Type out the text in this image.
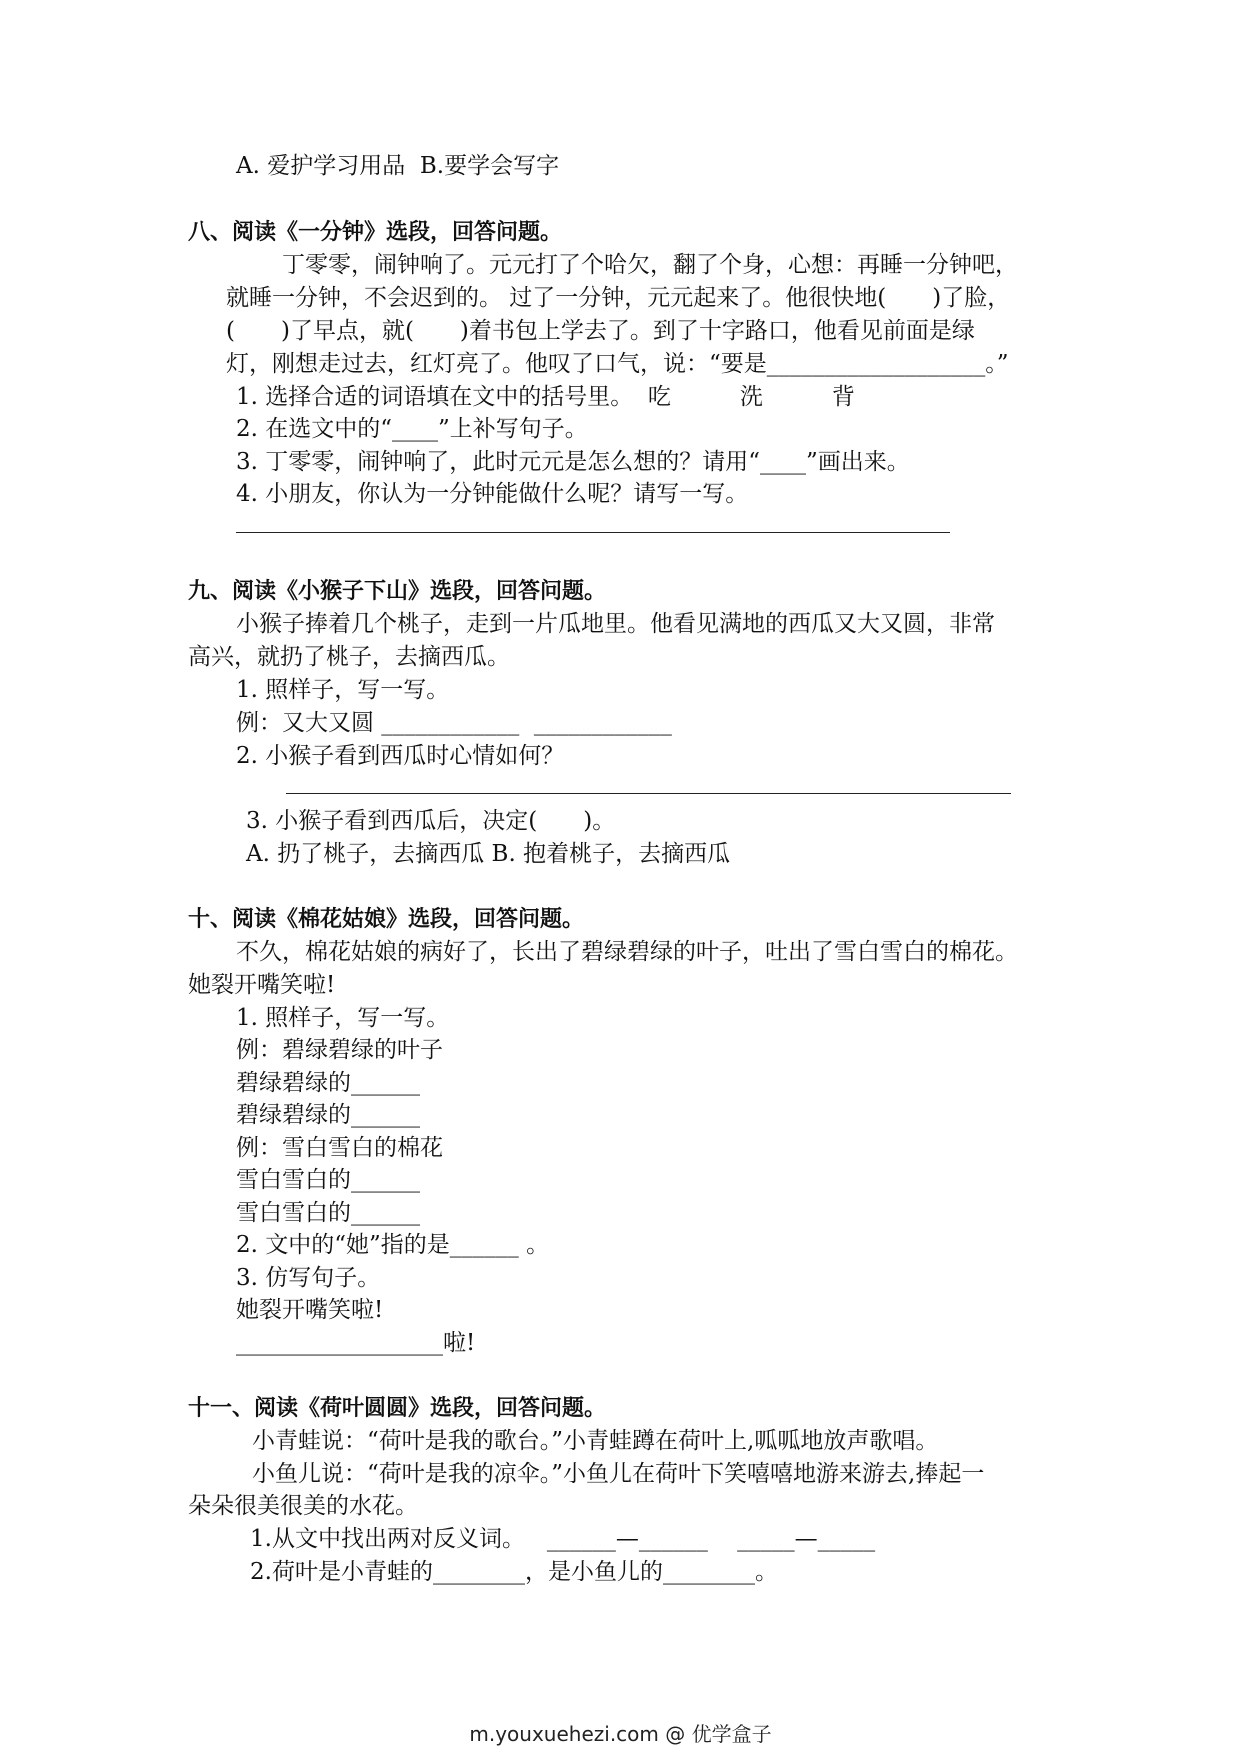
A. 爱护学习用品  B.要学会写字
八、阅读《一分钟》选段，回答问题。
丁零零，闹钟响了。元元打了个哈欠，翻了个身，心想：再睡一分钟吧，
就睡一分钟，不会迟到的。 过了一分钟，元元起来了。他很快地(　　)了脸，
(　　)了早点，就(　　)着书包上学去了。到了十字路口，他看见前面是绿
灯，刚想走过去，红灯亮了。他叹了口气，说：“要是___________________。”
1. 选择合适的词语填在文中的括号里。  吃　　　洗　　　背
2. 在选文中的“____”上补写句子。
3. 丁零零，闹钟响了，此时元元是怎么想的？请用“____”画出来。
4. 小朋友，你认为一分钟能做什么呢？请写一写。
九、阅读《小猴子下山》选段，回答问题。
小猴子捧着几个桃子，走到一片瓜地里。他看见满地的西瓜又大又圆，非常
高兴，就扔了桃子，去摘西瓜。
1. 照样子，写一写。
例：又大又圆 ____________  ____________
2. 小猴子看到西瓜时心情如何？
3. 小猴子看到西瓜后，决定(　　)。
A. 扔了桃子，去摘西瓜 B. 抱着桃子，去摘西瓜
十、阅读《棉花姑娘》选段，回答问题。
不久，棉花姑娘的病好了，长出了碧绿碧绿的叶子，吐出了雪白雪白的棉花。
她裂开嘴笑啦!
1. 照样子，写一写。
例：碧绿碧绿的叶子
碧绿碧绿的______
碧绿碧绿的______
例：雪白雪白的棉花
雪白雪白的______
雪白雪白的______
2. 文中的“她”指的是______ 。
3. 仿写句子。
她裂开嘴笑啦!
__________________啦!
十一、阅读《荷叶圆圆》选段，回答问题。
小青蛙说：“荷叶是我的歌台。”小青蛙蹲在荷叶上,呱呱地放声歌唱。
小鱼儿说：“荷叶是我的凉伞。”小鱼儿在荷叶下笑嘻嘻地游来游去,捧起一
朵朵很美很美的水花。
1.从文中找出两对反义词。   ______—______    _____—_____
2.荷叶是小青蛙的________，是小鱼儿的________。
m.youxuehezi.com @ 优学盒子
